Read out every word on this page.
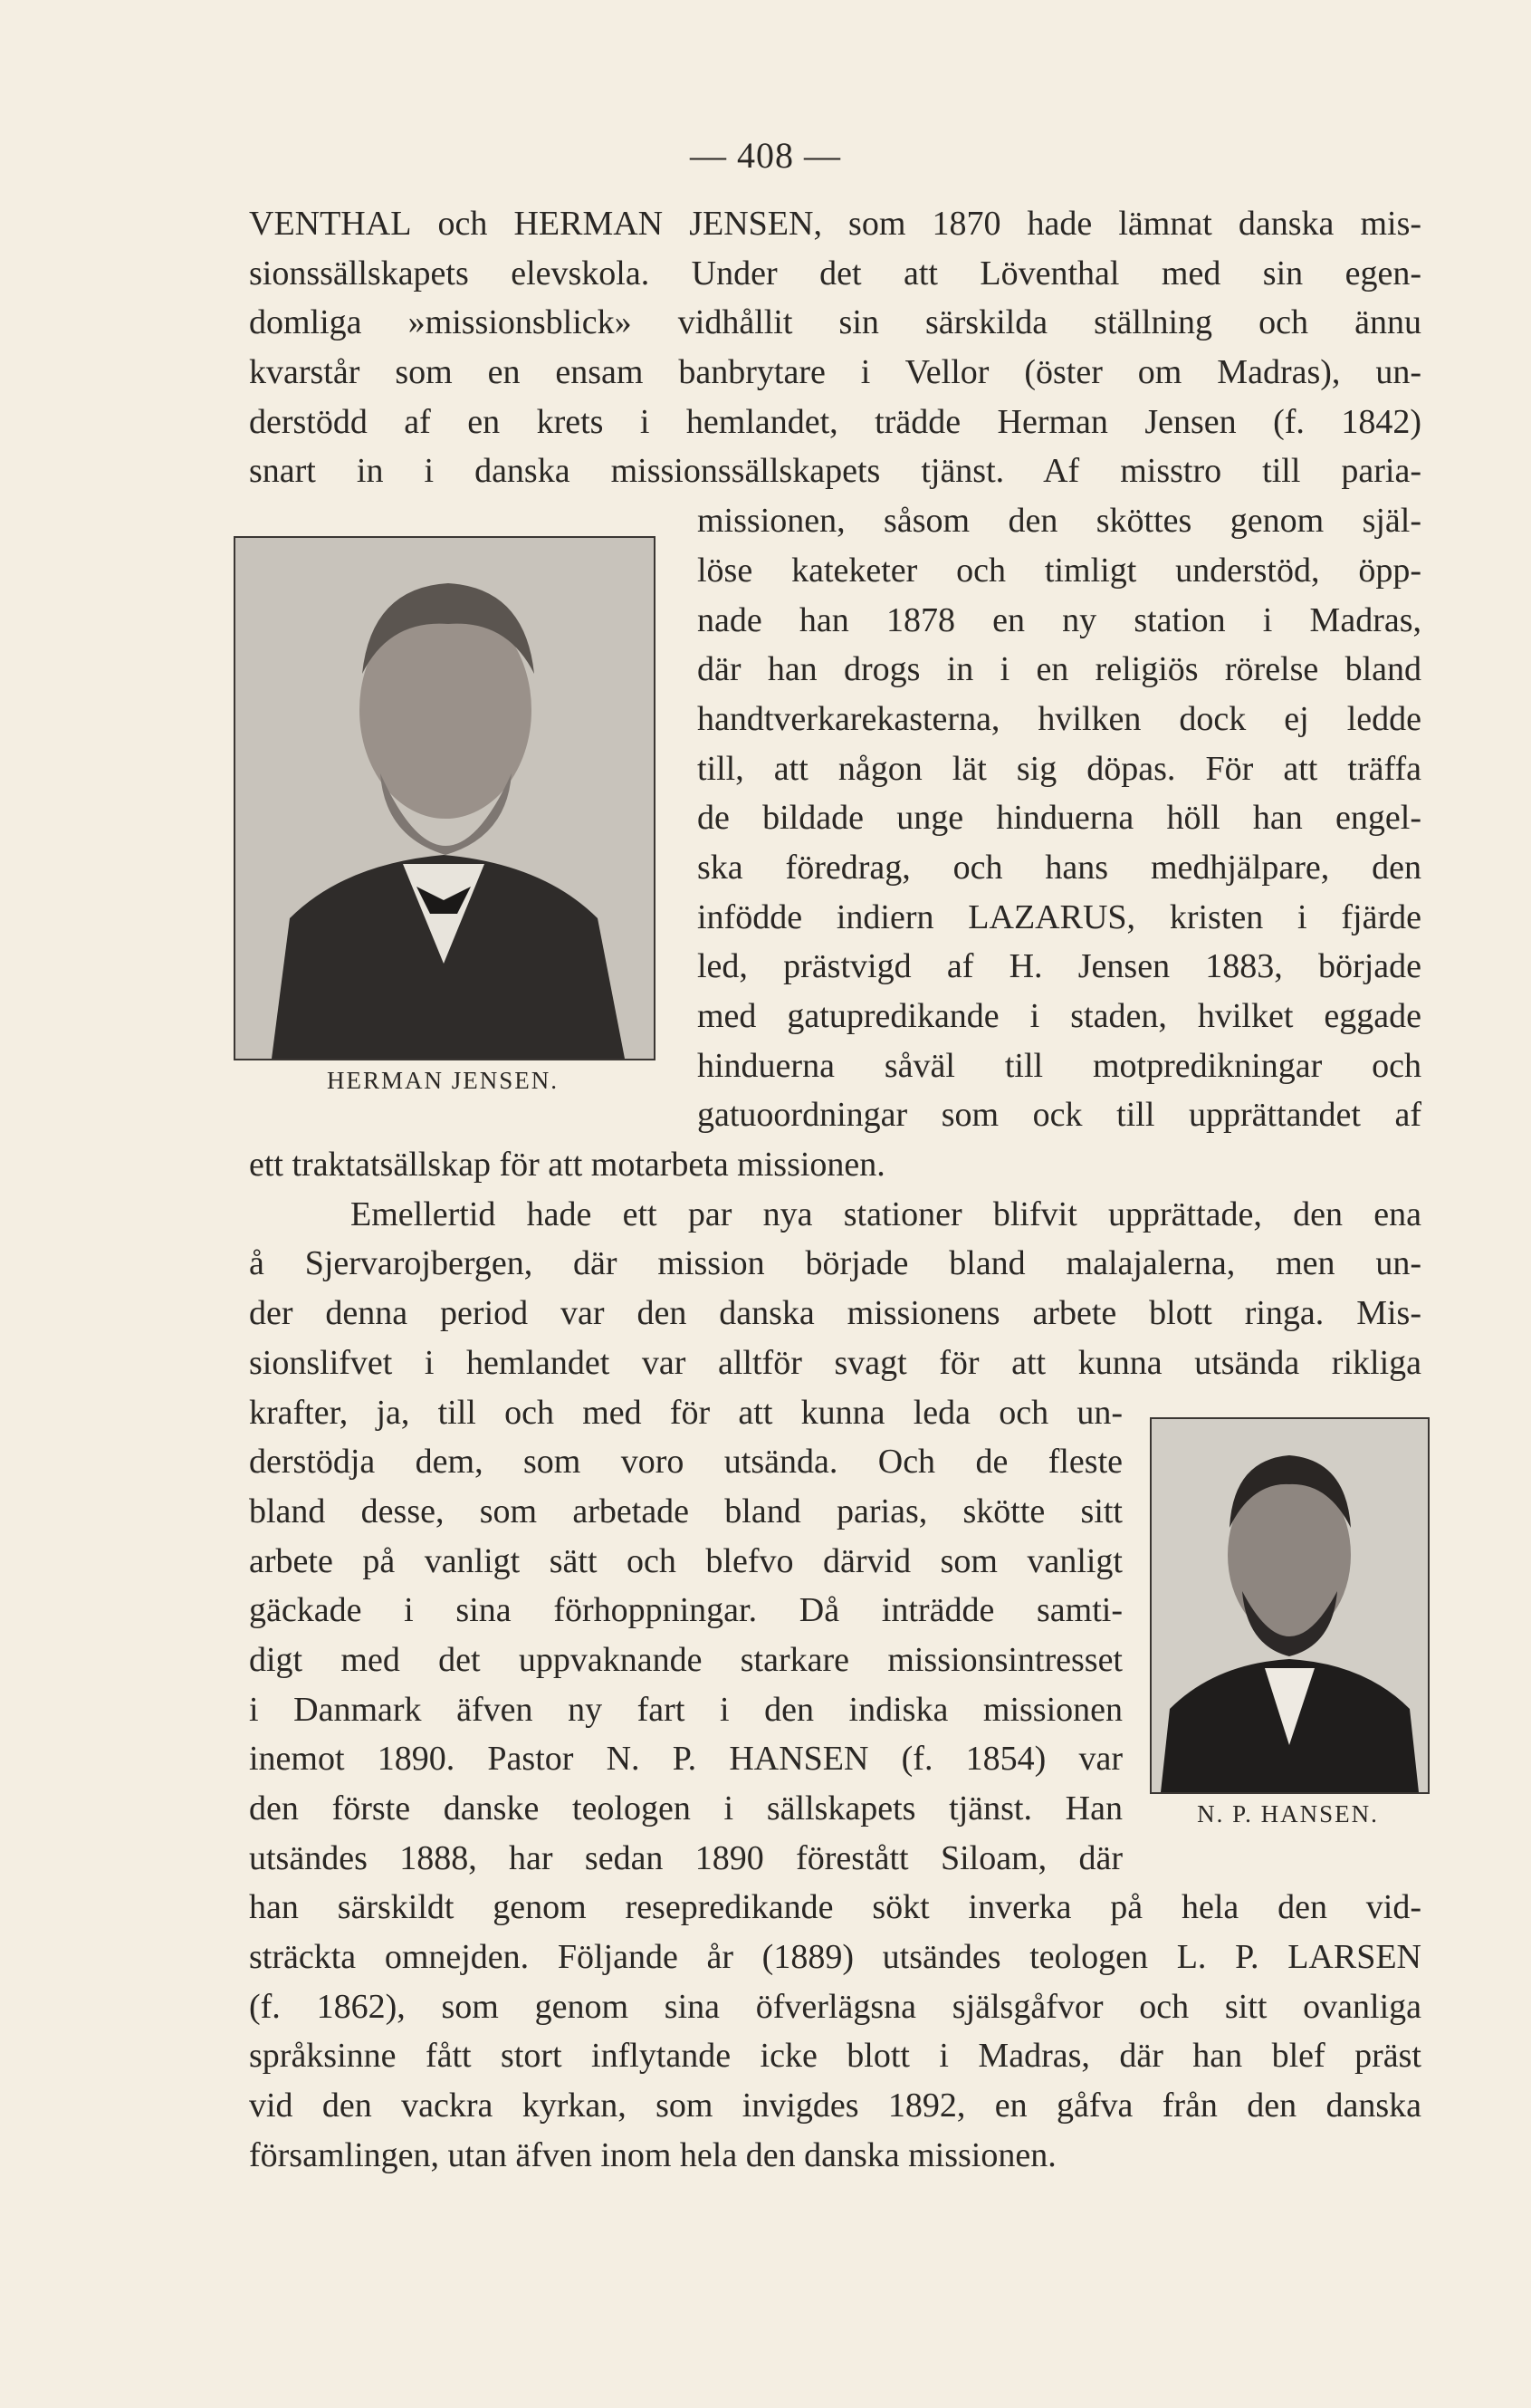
— 408 —
HERMAN JENSEN.
N. P. HANSEN.
VENTHAL och HERMAN JENSEN, som 1870 hade lämnat danska mis-
sionssällskapets elevskola. Under det att Löventhal med sin egen-
domliga »missionsblick» vidhållit sin särskilda ställning och ännu
kvarstår som en ensam banbrytare i Vellor (öster om Madras), un-
derstödd af en krets i hemlandet, trädde Herman Jensen (f. 1842)
snart in i danska missionssällskapets tjänst. Af misstro till paria-
missionen, såsom den sköttes genom själ-
löse kateketer och timligt understöd, öpp-
nade han 1878 en ny station i Madras,
där han drogs in i en religiös rörelse bland
handtverkarekasterna, hvilken dock ej ledde
till, att någon lät sig döpas. För att träffa
de bildade unge hinduerna höll han engel-
ska föredrag, och hans medhjälpare, den
infödde indiern LAZARUS, kristen i fjärde
led, prästvigd af H. Jensen 1883, började
med gatupredikande i staden, hvilket eggade
hinduerna såväl till motpredikningar och
gatuoordningar som ock till upprättandet af
ett traktatsällskap för att motarbeta missionen.
Emellertid hade ett par nya stationer blifvit upprättade, den ena
å Sjervarojbergen, där mission började bland malajalerna, men un-
der denna period var den danska missionens arbete blott ringa. Mis-
sionslifvet i hemlandet var alltför svagt för att kunna utsända rikliga
krafter, ja, till och med för att kunna leda och un-
derstödja dem, som voro utsända. Och de fleste
bland desse, som arbetade bland parias, skötte sitt
arbete på vanligt sätt och blefvo därvid som vanligt
gäckade i sina förhoppningar. Då inträdde samti-
digt med det uppvaknande starkare missionsintresset
i Danmark äfven ny fart i den indiska missionen
inemot 1890. Pastor N. P. HANSEN (f. 1854) var
den förste danske teologen i sällskapets tjänst. Han
utsändes 1888, har sedan 1890 förestått Siloam, där
han särskildt genom resepredikande sökt inverka på hela den vid-
sträckta omnejden. Följande år (1889) utsändes teologen L. P. LARSEN
(f. 1862), som genom sina öfverlägsna själsgåfvor och sitt ovanliga
språksinne fått stort inflytande icke blott i Madras, där han blef präst
vid den vackra kyrkan, som invigdes 1892, en gåfva från den danska
församlingen, utan äfven inom hela den danska missionen.
